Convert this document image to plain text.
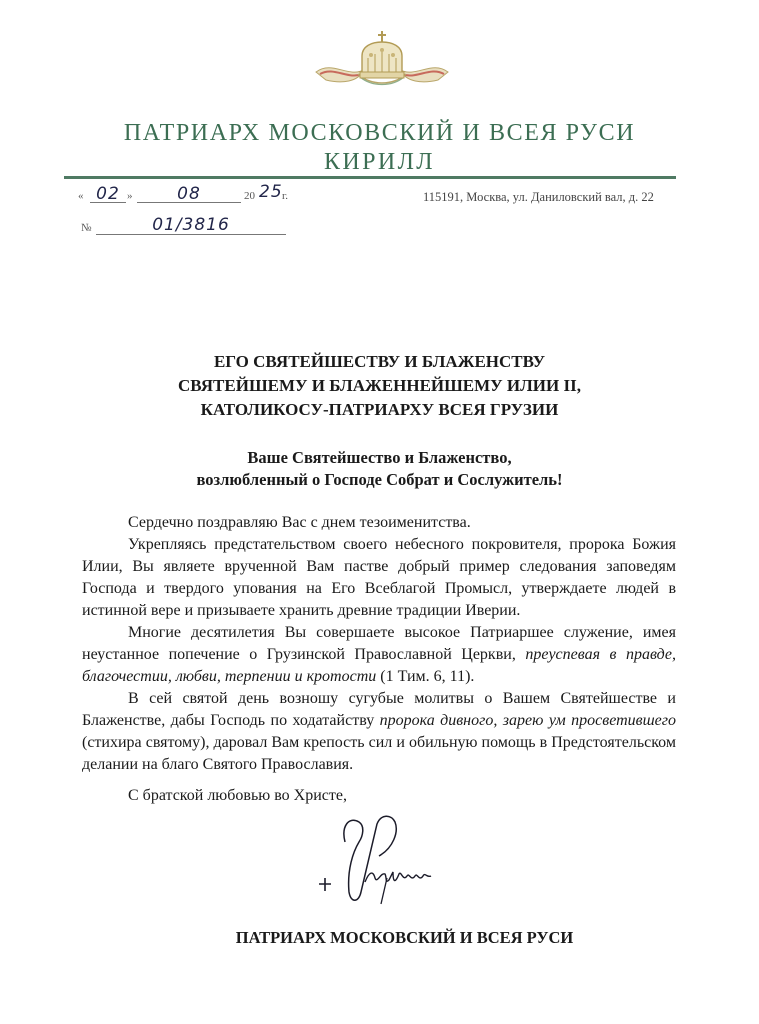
ПАТРИАРХ МОСКОВСКИЙ И ВСЕЯ РУСИ
КИРИЛЛ
« 02 »	08	20 25 г.	115191, Москва, ул. Даниловский вал, д. 22
№	01/3816
ЕГО СВЯТЕЙШЕСТВУ И БЛАЖЕНСТВУ
СВЯТЕЙШЕМУ И БЛАЖЕННЕЙШЕМУ ИЛИИ II,
КАТОЛИКОСУ-ПАТРИАРХУ ВСЕЯ ГРУЗИИ
Ваше Святейшество и Блаженство,
возлюбленный о Господе Собрат и Сослужитель!

Сердечно поздравляю Вас с днем тезоименитства.

Укрепляясь предстательством своего небесного покровителя, пророка Божия Илии, Вы являете врученной Вам пастве добрый пример следования заповедям Господа и твердого упования на Его Всеблагой Промысл, утверждаете людей в истинной вере и призываете хранить древние традиции Иверии.

Многие десятилетия Вы совершаете высокое Патриаршее служение, имея неустанное попечение о Грузинской Православной Церкви, преуспевая в правде, благочестии, любви, терпении и кротости (1 Тим. 6, 11).

В сей святой день возношу сугубые молитвы о Вашем Святейшестве и Блаженстве, дабы Господь по ходатайству пророка дивного, зарею ум просветившего (стихира святому), даровал Вам крепость сил и обильную помощь в Предстоятельском делании на благо Святого Православия.

С братской любовью во Христе,
ПАТРИАРХ МОСКОВСКИЙ И ВСЕЯ РУСИ
